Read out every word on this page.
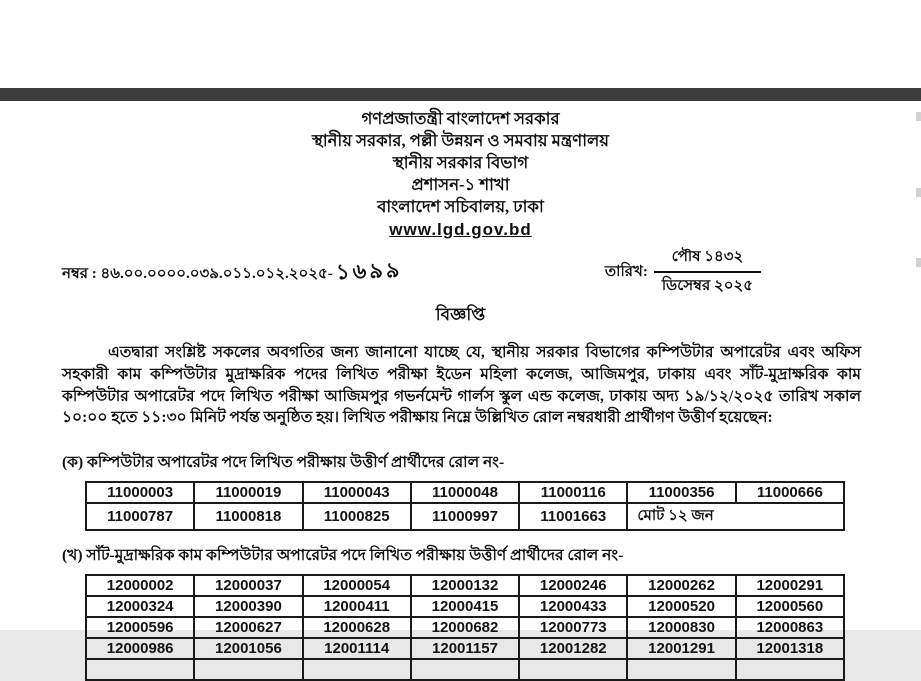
গণপ্রজাতন্ত্রী বাংলাদেশ সরকার
স্থানীয় সরকার, পল্লী উন্নয়ন ও সমবায় মন্ত্রণালয়
স্থানীয় সরকার বিভাগ
প্রশাসন-১ শাখা
বাংলাদেশ সচিবালয়, ঢাকা
www.lgd.gov.bd
নম্বর : ৪৬.০০.০০০০.০৩৯.০১১.০১২.২০২৫- ১৬৯৯	তারিখ: $\frac{\text{পৌষ ১৪৩২}}{\text{ডিসেম্বর ২০২৫}}$
বিজ্ঞপ্তি

এতদ্বারা সংশ্লিষ্ট সকলের অবগতির জন্য জানানো যাচ্ছে যে, স্থানীয় সরকার বিভাগের কম্পিউটার অপারেটর এবং অফিস সহকারী কাম কম্পিউটার মুদ্রাক্ষরিক পদের লিখিত পরীক্ষা ইডেন মহিলা কলেজ, আজিমপুর, ঢাকায় এবং সাঁট-মুদ্রাক্ষরিক কাম কম্পিউটার অপারেটর পদে লিখিত পরীক্ষা আজিমপুর গভর্নমেন্ট গার্লস স্কুল এন্ড কলেজ, ঢাকায় অদ্য ১৯/১২/২০২৫ তারিখ সকাল ১০:০০ হতে ১১:৩০ মিনিট পর্যন্ত অনুষ্ঠিত হয়। লিখিত পরীক্ষায় নিম্নে উল্লিখিত রোল নম্বরধারী প্রার্থীগণ উত্তীর্ণ হয়েছেন:

(ক) কম্পিউটার অপারেটর পদে লিখিত পরীক্ষায় উত্তীর্ণ প্রার্থীদের রোল নং-
11000003	11000019	11000043	11000048	11000116	11000356	11000666
11000787	11000818	11000825	11000997	11001663	মোট ১২ জন	
(খ) সাঁট-মুদ্রাক্ষরিক কাম কম্পিউটার অপারেটর পদে লিখিত পরীক্ষায় উত্তীর্ণ প্রার্থীদের রোল নং-
12000002	12000037	12000054	12000132	12000246	12000262	12000291
12000324	12000390	12000411	12000415	12000433	12000520	12000560
12000596	12000627	12000628	12000682	12000773	12000830	12000863
12000986	12001056	12001114	12001157	12001282	12001291	12001318
